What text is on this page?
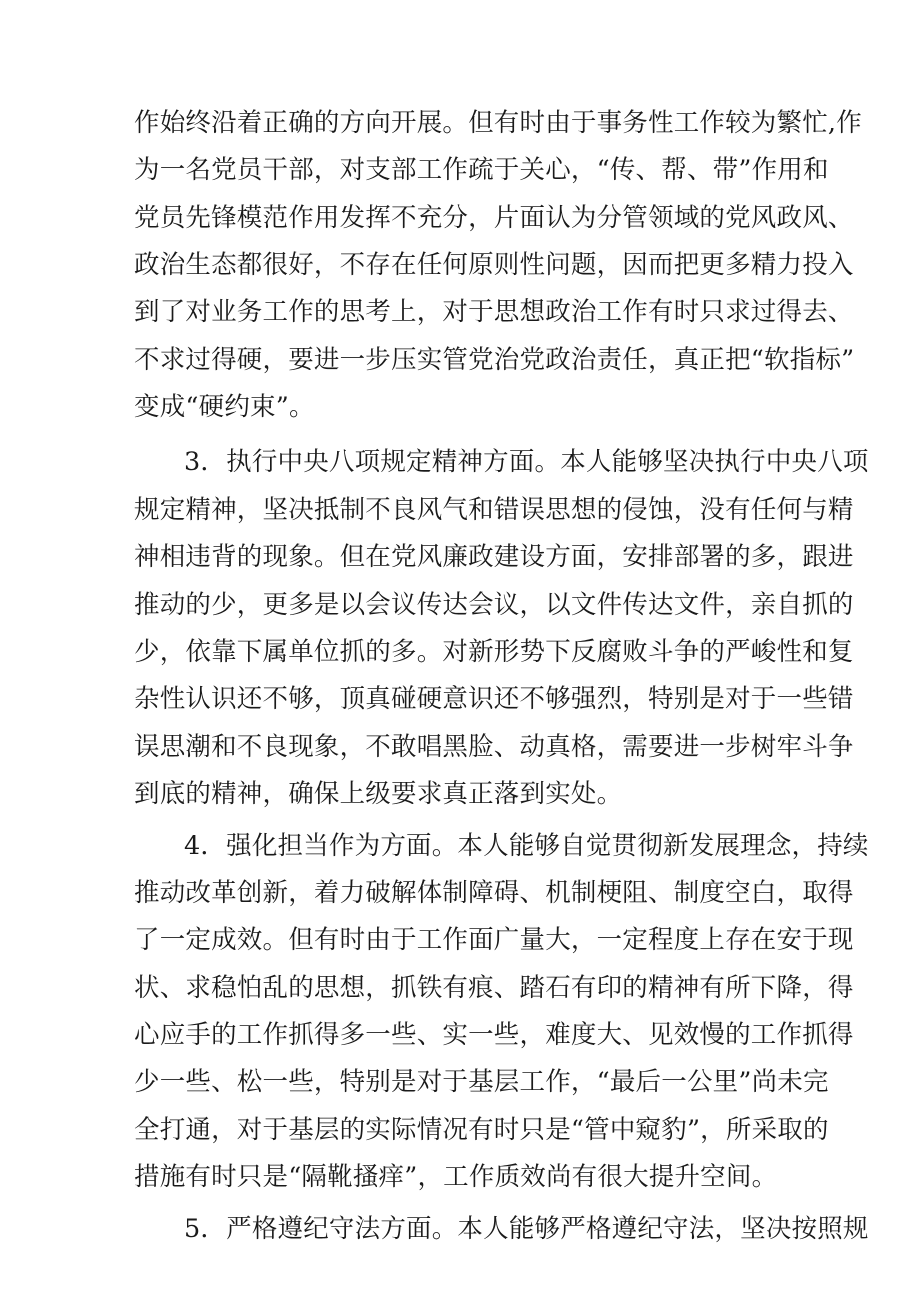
作始终沿着正确的方向开展。但有时由于事务性工作较为繁忙,作

为一名党员干部，对支部工作疏于关心，“传、帮、带”作用和

党员先锋模范作用发挥不充分，片面认为分管领域的党风政风、

政治生态都很好，不存在任何原则性问题，因而把更多精力投入

到了对业务工作的思考上，对于思想政治工作有时只求过得去、

不求过得硬，要进一步压实管党治党政治责任，真正把“软指标”

变成“硬约束”。

3．执行中央八项规定精神方面。本人能够坚决执行中央八项

规定精神，坚决抵制不良风气和错误思想的侵蚀，没有任何与精

神相违背的现象。但在党风廉政建设方面，安排部署的多，跟进

推动的少，更多是以会议传达会议，以文件传达文件，亲自抓的

少，依靠下属单位抓的多。对新形势下反腐败斗争的严峻性和复

杂性认识还不够，顶真碰硬意识还不够强烈，特别是对于一些错

误思潮和不良现象，不敢唱黑脸、动真格，需要进一步树牢斗争

到底的精神，确保上级要求真正落到实处。

4．强化担当作为方面。本人能够自觉贯彻新发展理念，持续

推动改革创新，着力破解体制障碍、机制梗阻、制度空白，取得

了一定成效。但有时由于工作面广量大，一定程度上存在安于现

状、求稳怕乱的思想，抓铁有痕、踏石有印的精神有所下降，得

心应手的工作抓得多一些、实一些，难度大、见效慢的工作抓得

少一些、松一些，特别是对于基层工作，“最后一公里”尚未完

全打通，对于基层的实际情况有时只是“管中窥豹”，所采取的

措施有时只是“隔靴搔痒”，工作质效尚有很大提升空间。

5．严格遵纪守法方面。本人能够严格遵纪守法，坚决按照规
